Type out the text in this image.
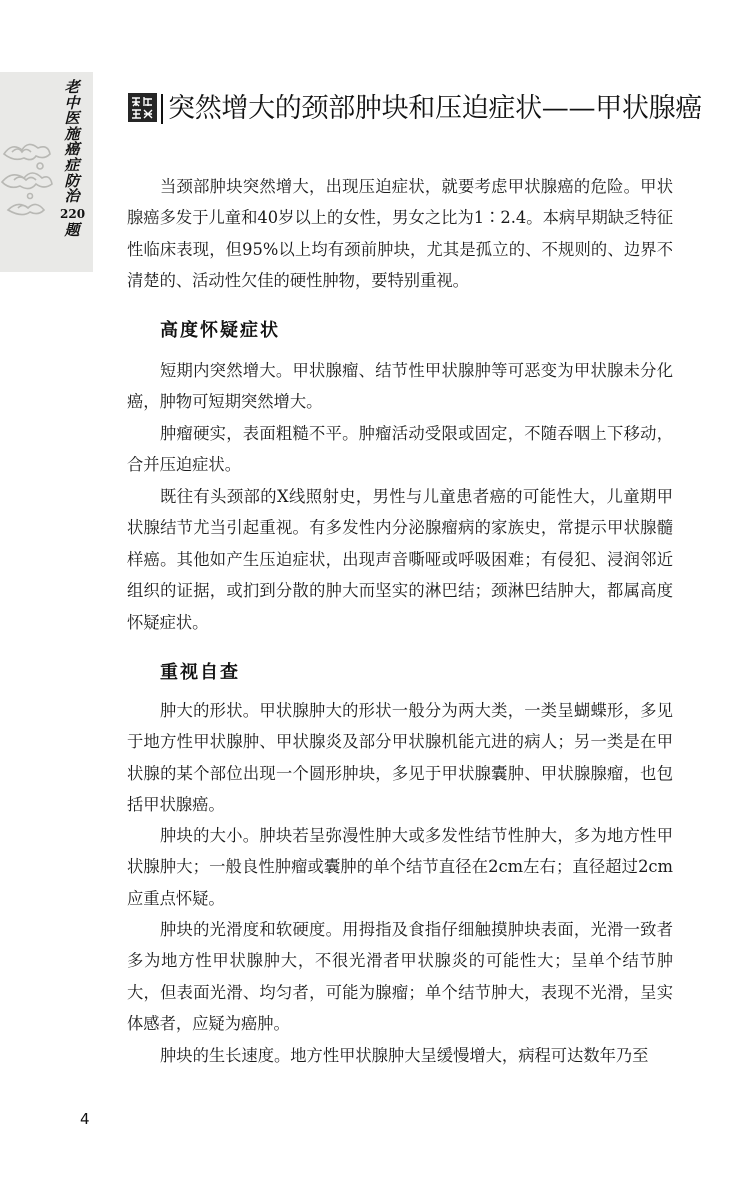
老
中
医
施
癌
症
防
治
220
题
突然增大的颈部肿块和压迫症状——甲状腺癌

当颈部肿块突然增大，出现压迫症状，就要考虑甲状腺癌的危险。甲状腺癌多发于儿童和40岁以上的女性，男女之比为1∶2.4。本病早期缺乏特征性临床表现，但95%以上均有颈前肿块，尤其是孤立的、不规则的、边界不清楚的、活动性欠佳的硬性肿物，要特别重视。

高度怀疑症状

短期内突然增大。甲状腺瘤、结节性甲状腺肿等可恶变为甲状腺未分化癌，肿物可短期突然增大。

肿瘤硬实，表面粗糙不平。肿瘤活动受限或固定，不随吞咽上下移动，合并压迫症状。

既往有头颈部的X线照射史，男性与儿童患者癌的可能性大，儿童期甲状腺结节尤当引起重视。有多发性内分泌腺瘤病的家族史，常提示甲状腺髓样癌。其他如产生压迫症状，出现声音嘶哑或呼吸困难；有侵犯、浸润邻近组织的证据，或扪到分散的肿大而坚实的淋巴结；颈淋巴结肿大，都属高度怀疑症状。

重视自查

肿大的形状。甲状腺肿大的形状一般分为两大类，一类呈蝴蝶形，多见于地方性甲状腺肿、甲状腺炎及部分甲状腺机能亢进的病人；另一类是在甲状腺的某个部位出现一个圆形肿块，多见于甲状腺囊肿、甲状腺腺瘤，也包括甲状腺癌。

肿块的大小。肿块若呈弥漫性肿大或多发性结节性肿大，多为地方性甲状腺肿大；一般良性肿瘤或囊肿的单个结节直径在2cm左右；直径超过2cm应重点怀疑。

肿块的光滑度和软硬度。用拇指及食指仔细触摸肿块表面，光滑一致者多为地方性甲状腺肿大，不很光滑者甲状腺炎的可能性大；呈单个结节肿大，但表面光滑、均匀者，可能为腺瘤；单个结节肿大，表现不光滑，呈实体感者，应疑为癌肿。

肿块的生长速度。地方性甲状腺肿大呈缓慢增大，病程可达数年乃至

4
